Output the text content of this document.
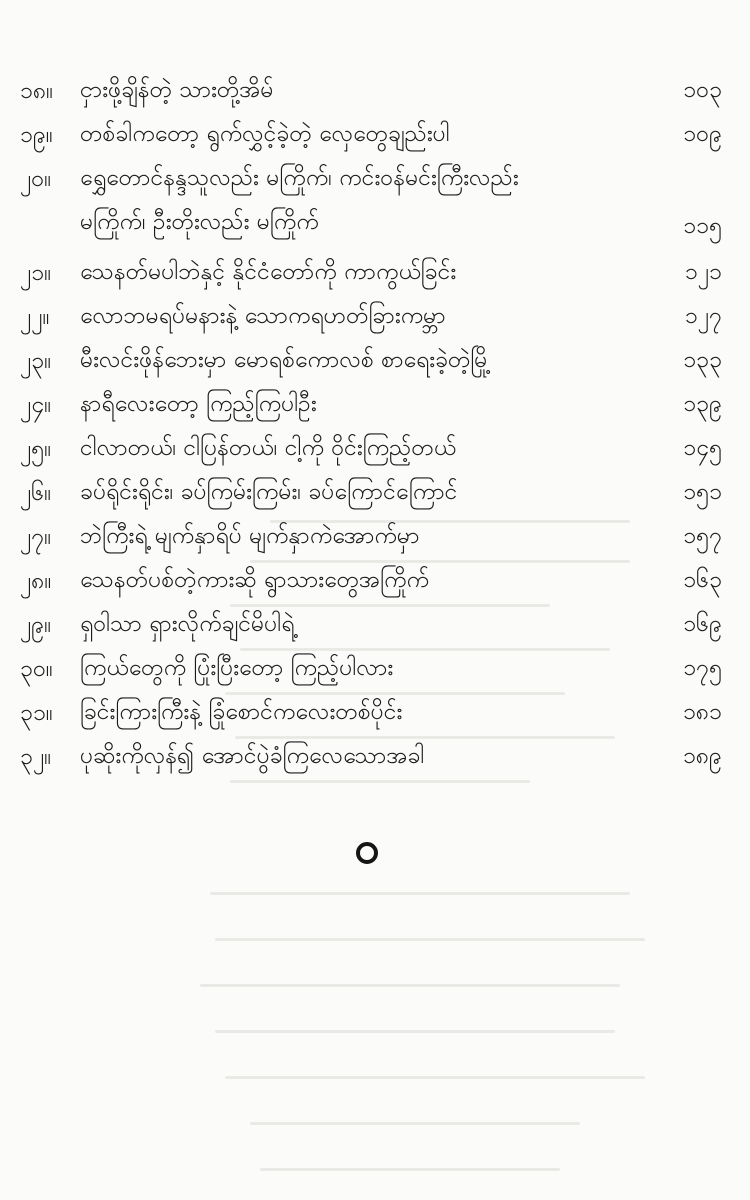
၁၈။ ငှားဖို့ချိန်တဲ့ သားတို့အိမ်	၁၀၃
၁၉။ တစ်ခါကတော့ ရွက်လွှင့်ခဲ့တဲ့ လှေတွေချည်းပါ	၁၀၉
၂၀။ ရွှေတောင်နန္ဒသူလည်း မကြိုက်၊ ကင်းဝန်မင်းကြီးလည်း
မကြိုက်၊ ဦးတိုးလည်း မကြိုက်	၁၁၅
၂၁။ သေနတ်မပါဘဲနှင့် နိုင်ငံတော်ကို ကာကွယ်ခြင်း	၁၂၁
၂၂။ လောဘမရပ်မနားနဲ့ သောကရဟတ်ခြားကမ္ဘာ	၁၂၇
၂၃။ မီးလင်းဖိုန်ဘေးမှာ မောရစ်ကောလစ် စာရေးခဲ့တဲ့မြို့	၁၃၃
၂၄။ နာရီလေးတော့ ကြည့်ကြပါဦး	၁၃၉
၂၅။ ငါလာတယ်၊ ငါပြန်တယ်၊ ငါ့ကို ဝိုင်းကြည့်တယ်	၁၄၅
၂၆။ ခပ်ရိုင်းရိုင်း၊ ခပ်ကြမ်းကြမ်း၊ ခပ်ကြောင်ကြောင်	၁၅၁
၂၇။ ဘဲကြီးရဲ့ မျက်နှာရိပ် မျက်နှာကဲအောက်မှာ	၁၅၇
၂၈။ သေနတ်ပစ်တဲ့ကားဆို ရွာသားတွေအကြိုက်	၁၆၃
၂၉။ ရှဝါသာ ရှားလိုက်ချင်မိပါရဲ့	၁၆၉
၃၀။ ကြယ်တွေကို ပြုံးပြီးတော့ ကြည့်ပါလား	၁၇၅
၃၁။ ခြင်းကြားကြီးနဲ့ ခြုံစောင်ကလေးတစ်ပိုင်း	၁၈၁
၃၂။ ပုဆိုးကိုလှန်၍ အောင်ပွဲခံကြလေသောအခါ	၁၈၉
